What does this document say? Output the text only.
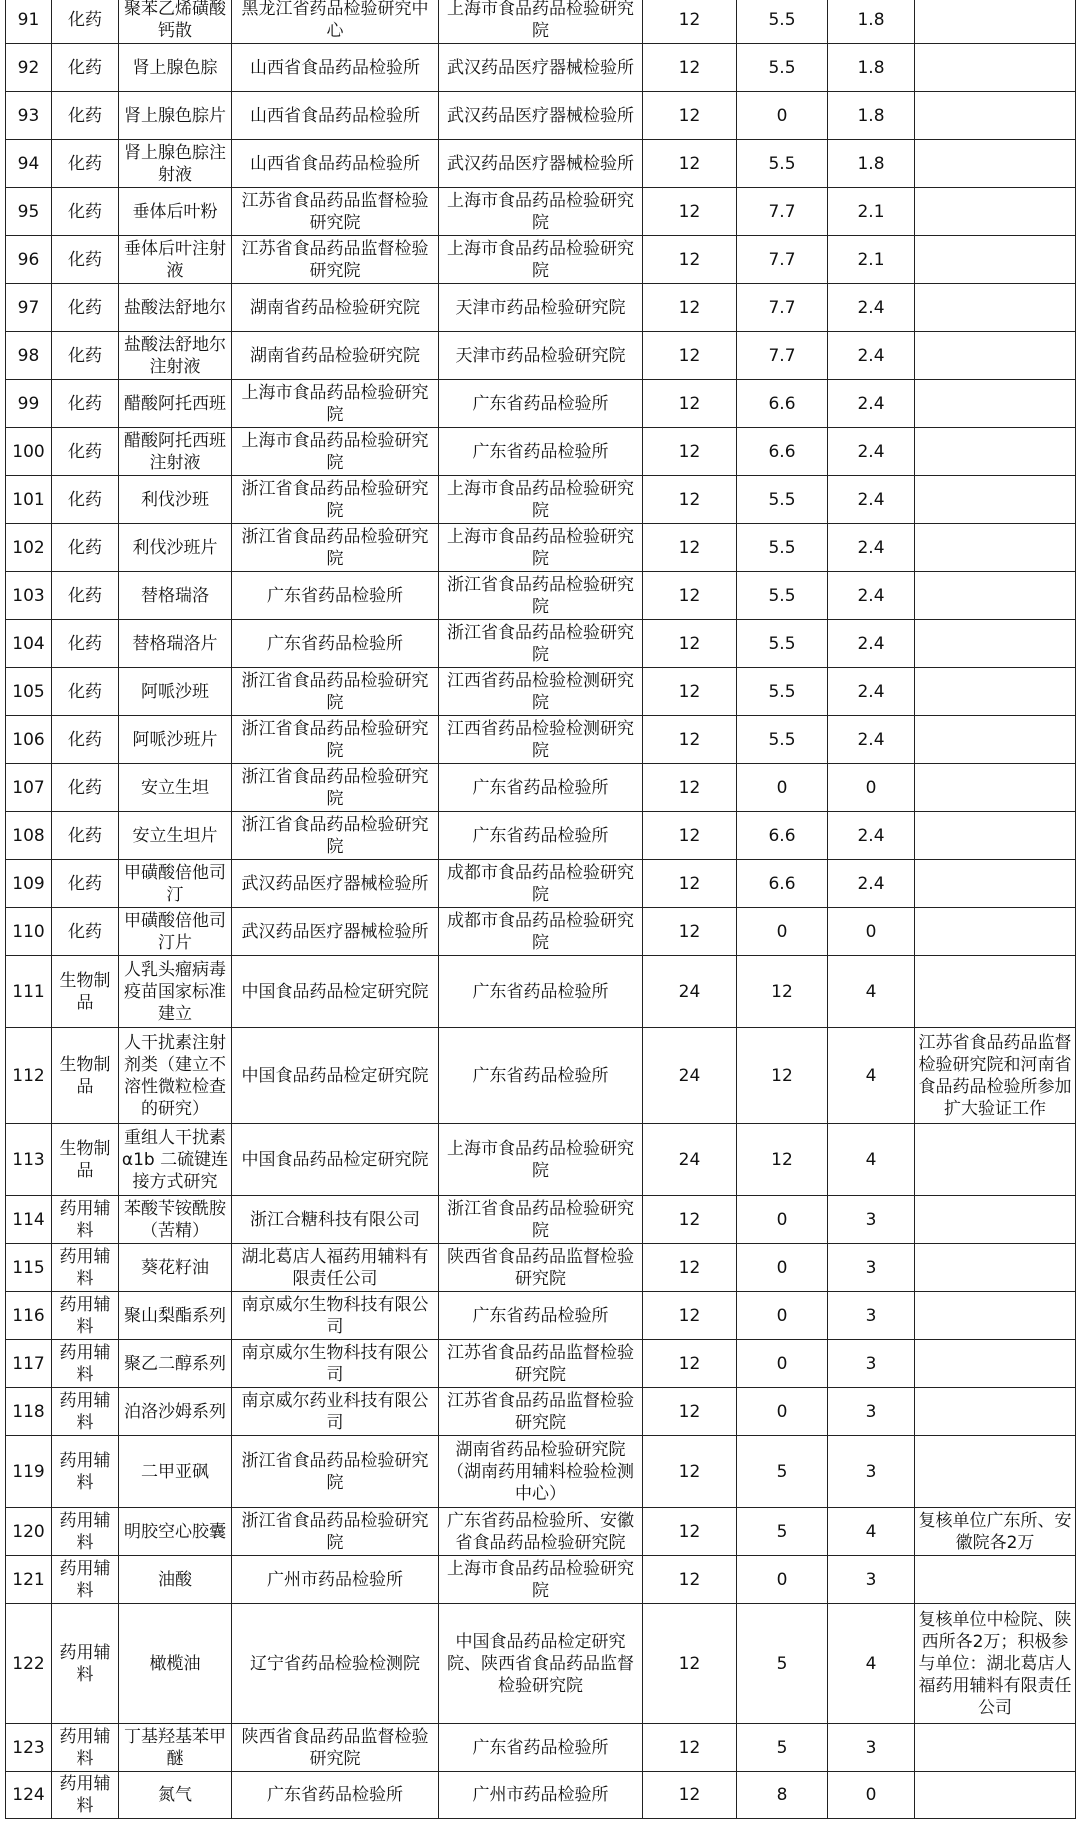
91	化药	聚苯乙烯磺酸钙散	黑龙江省药品检验研究中心	上海市食品药品检验研究院	12	5.5	1.8	
92	化药	肾上腺色腙	山西省食品药品检验所	武汉药品医疗器械检验所	12	5.5	1.8	
93	化药	肾上腺色腙片	山西省食品药品检验所	武汉药品医疗器械检验所	12	0	1.8	
94	化药	肾上腺色腙注射液	山西省食品药品检验所	武汉药品医疗器械检验所	12	5.5	1.8	
95	化药	垂体后叶粉	江苏省食品药品监督检验研究院	上海市食品药品检验研究院	12	7.7	2.1	
96	化药	垂体后叶注射液	江苏省食品药品监督检验研究院	上海市食品药品检验研究院	12	7.7	2.1	
97	化药	盐酸法舒地尔	湖南省药品检验研究院	天津市药品检验研究院	12	7.7	2.4	
98	化药	盐酸法舒地尔注射液	湖南省药品检验研究院	天津市药品检验研究院	12	7.7	2.4	
99	化药	醋酸阿托西班	上海市食品药品检验研究院	广东省药品检验所	12	6.6	2.4	
100	化药	醋酸阿托西班注射液	上海市食品药品检验研究院	广东省药品检验所	12	6.6	2.4	
101	化药	利伐沙班	浙江省食品药品检验研究院	上海市食品药品检验研究院	12	5.5	2.4	
102	化药	利伐沙班片	浙江省食品药品检验研究院	上海市食品药品检验研究院	12	5.5	2.4	
103	化药	替格瑞洛	广东省药品检验所	浙江省食品药品检验研究院	12	5.5	2.4	
104	化药	替格瑞洛片	广东省药品检验所	浙江省食品药品检验研究院	12	5.5	2.4	
105	化药	阿哌沙班	浙江省食品药品检验研究院	江西省药品检验检测研究院	12	5.5	2.4	
106	化药	阿哌沙班片	浙江省食品药品检验研究院	江西省药品检验检测研究院	12	5.5	2.4	
107	化药	安立生坦	浙江省食品药品检验研究院	广东省药品检验所	12	0	0	
108	化药	安立生坦片	浙江省食品药品检验研究院	广东省药品检验所	12	6.6	2.4	
109	化药	甲磺酸倍他司汀	武汉药品医疗器械检验所	成都市食品药品检验研究院	12	6.6	2.4	
110	化药	甲磺酸倍他司汀片	武汉药品医疗器械检验所	成都市食品药品检验研究院	12	0	0	
111	生物制品	人乳头瘤病毒疫苗国家标准建立	中国食品药品检定研究院	广东省药品检验所	24	12	4	
112	生物制品	人干扰素注射剂类（建立不溶性微粒检查的研究）	中国食品药品检定研究院	广东省药品检验所	24	12	4	江苏省食品药品监督检验研究院和河南省食品药品检验所参加扩大验证工作
113	生物制品	重组人干扰素α1b 二硫键连接方式研究	中国食品药品检定研究院	上海市食品药品检验研究院	24	12	4	
114	药用辅料	苯酸苄铵酰胺（苦精）	浙江合糖科技有限公司	浙江省食品药品检验研究院	12	0	3	
115	药用辅料	葵花籽油	湖北葛店人福药用辅料有限责任公司	陕西省食品药品监督检验研究院	12	0	3	
116	药用辅料	聚山梨酯系列	南京威尔生物科技有限公司	广东省药品检验所	12	0	3	
117	药用辅料	聚乙二醇系列	南京威尔生物科技有限公司	江苏省食品药品监督检验研究院	12	0	3	
118	药用辅料	泊洛沙姆系列	南京威尔药业科技有限公司	江苏省食品药品监督检验研究院	12	0	3	
119	药用辅料	二甲亚砜	浙江省食品药品检验研究院	湖南省药品检验研究院（湖南药用辅料检验检测中心）	12	5	3	
120	药用辅料	明胶空心胶囊	浙江省食品药品检验研究院	广东省药品检验所、安徽省食品药品检验研究院	12	5	4	复核单位广东所、安徽院各2万
121	药用辅料	油酸	广州市药品检验所	上海市食品药品检验研究院	12	0	3	
122	药用辅料	橄榄油	辽宁省药品检验检测院	中国食品药品检定研究院、陕西省食品药品监督检验研究院	12	5	4	复核单位中检院、陕西所各2万；积极参与单位：湖北葛店人福药用辅料有限责任公司
123	药用辅料	丁基羟基苯甲醚	陕西省食品药品监督检验研究院	广东省药品检验所	12	5	3	
124	药用辅料	氮气	广东省药品检验所	广州市药品检验所	12	8	0	
